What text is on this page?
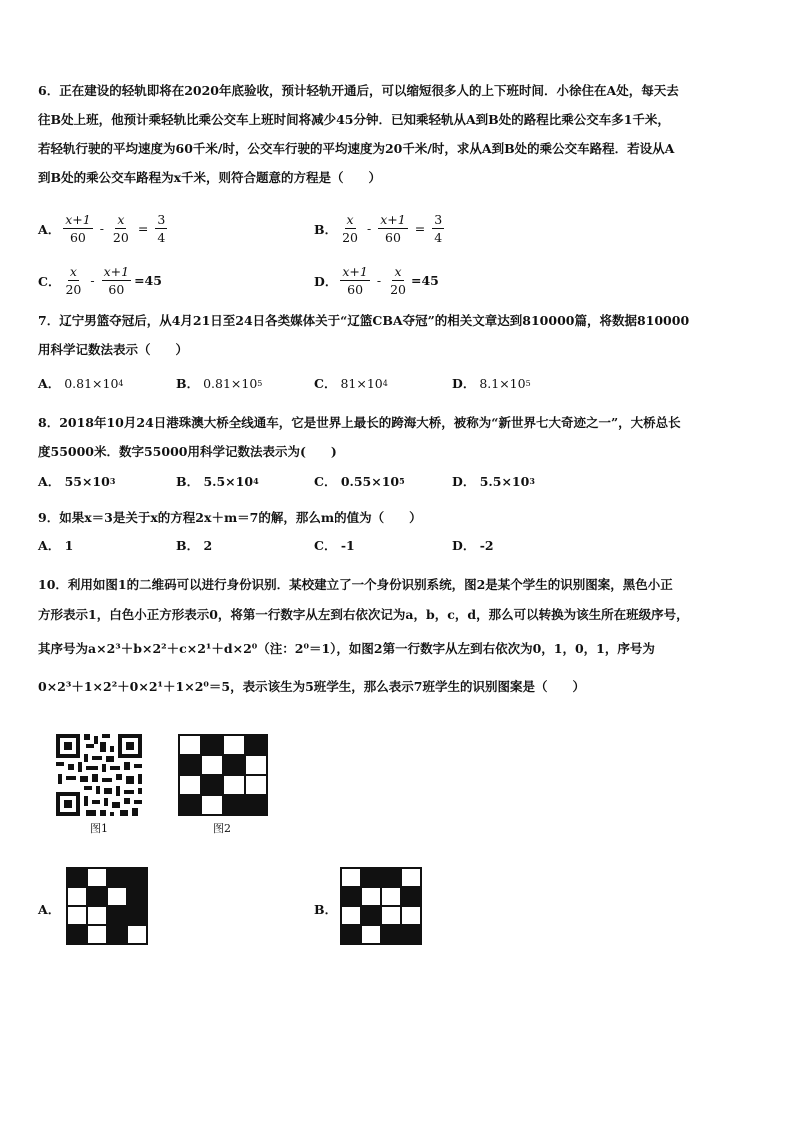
6．正在建设的轻轨即将在2020年底验收，预计轻轨开通后，可以缩短很多人的上下班时间．小徐住在A处，每天去
往B处上班，他预计乘轻轨比乘公交车上班时间将减少45分钟．已知乘轻轨从A到B处的路程比乘公交车多1千米，
若轻轨行驶的平均速度为60千米/时，公交车行驶的平均速度为20千米/时，求从A到B处的乘公交车路程．若设从A
到B处的乘公交车路程为x千米，则符合题意的方程是（　　）
A． $\frac{x+1}{60} - \frac{x}{20} = \frac{3}{4}$	B． $\frac{x}{20} - \frac{x+1}{60} = \frac{3}{4}$
C． $\frac{x}{20} - \frac{x+1}{60} =45$	D． $\frac{x+1}{60} - \frac{x}{20} =45$
7．辽宁男篮夺冠后，从4月21日至24日各类媒体关于“辽篮CBA夺冠”的相关文章达到810000篇，将数据810000
用科学记数法表示（　　）
A．
0.81×10 4	B．
0.81×10 5	C．
81×10 4	D．
8.1×10 5
8．2018年10月24日港珠澳大桥全线通车，它是世界上最长的跨海大桥，被称为“新世界七大奇迹之一”，大桥总长
度55000米．数字55000用科学记数法表示为(　　)
A．
55×10 3	B．
5.5×10 4	C．
0.55×10 5	D．
5.5×10 3
9．如果x＝3是关于x的方程2x＋m＝7的解，那么m的值为（　　）
A．
1	B．
2	C．
-1	D．
-2
10．利用如图1的二维码可以进行身份识别．某校建立了一个身份识别系统，图2是某个学生的识别图案，黑色小正
方形表示1，白色小正方形表示0，将第一行数字从左到右依次记为a，b，c，d，那么可以转换为该生所在班级序号，
其序号为a×2³＋b×2²＋c×2¹＋d×2⁰（注：2⁰＝1），如图2第一行数字从左到右依次为0，1，0，1，序号为
0×2³＋1×2²＋0×2¹＋1×2⁰＝5，表示该生为5班学生，那么表示7班学生的识别图案是（　　）
图1	图2
A．	B．
